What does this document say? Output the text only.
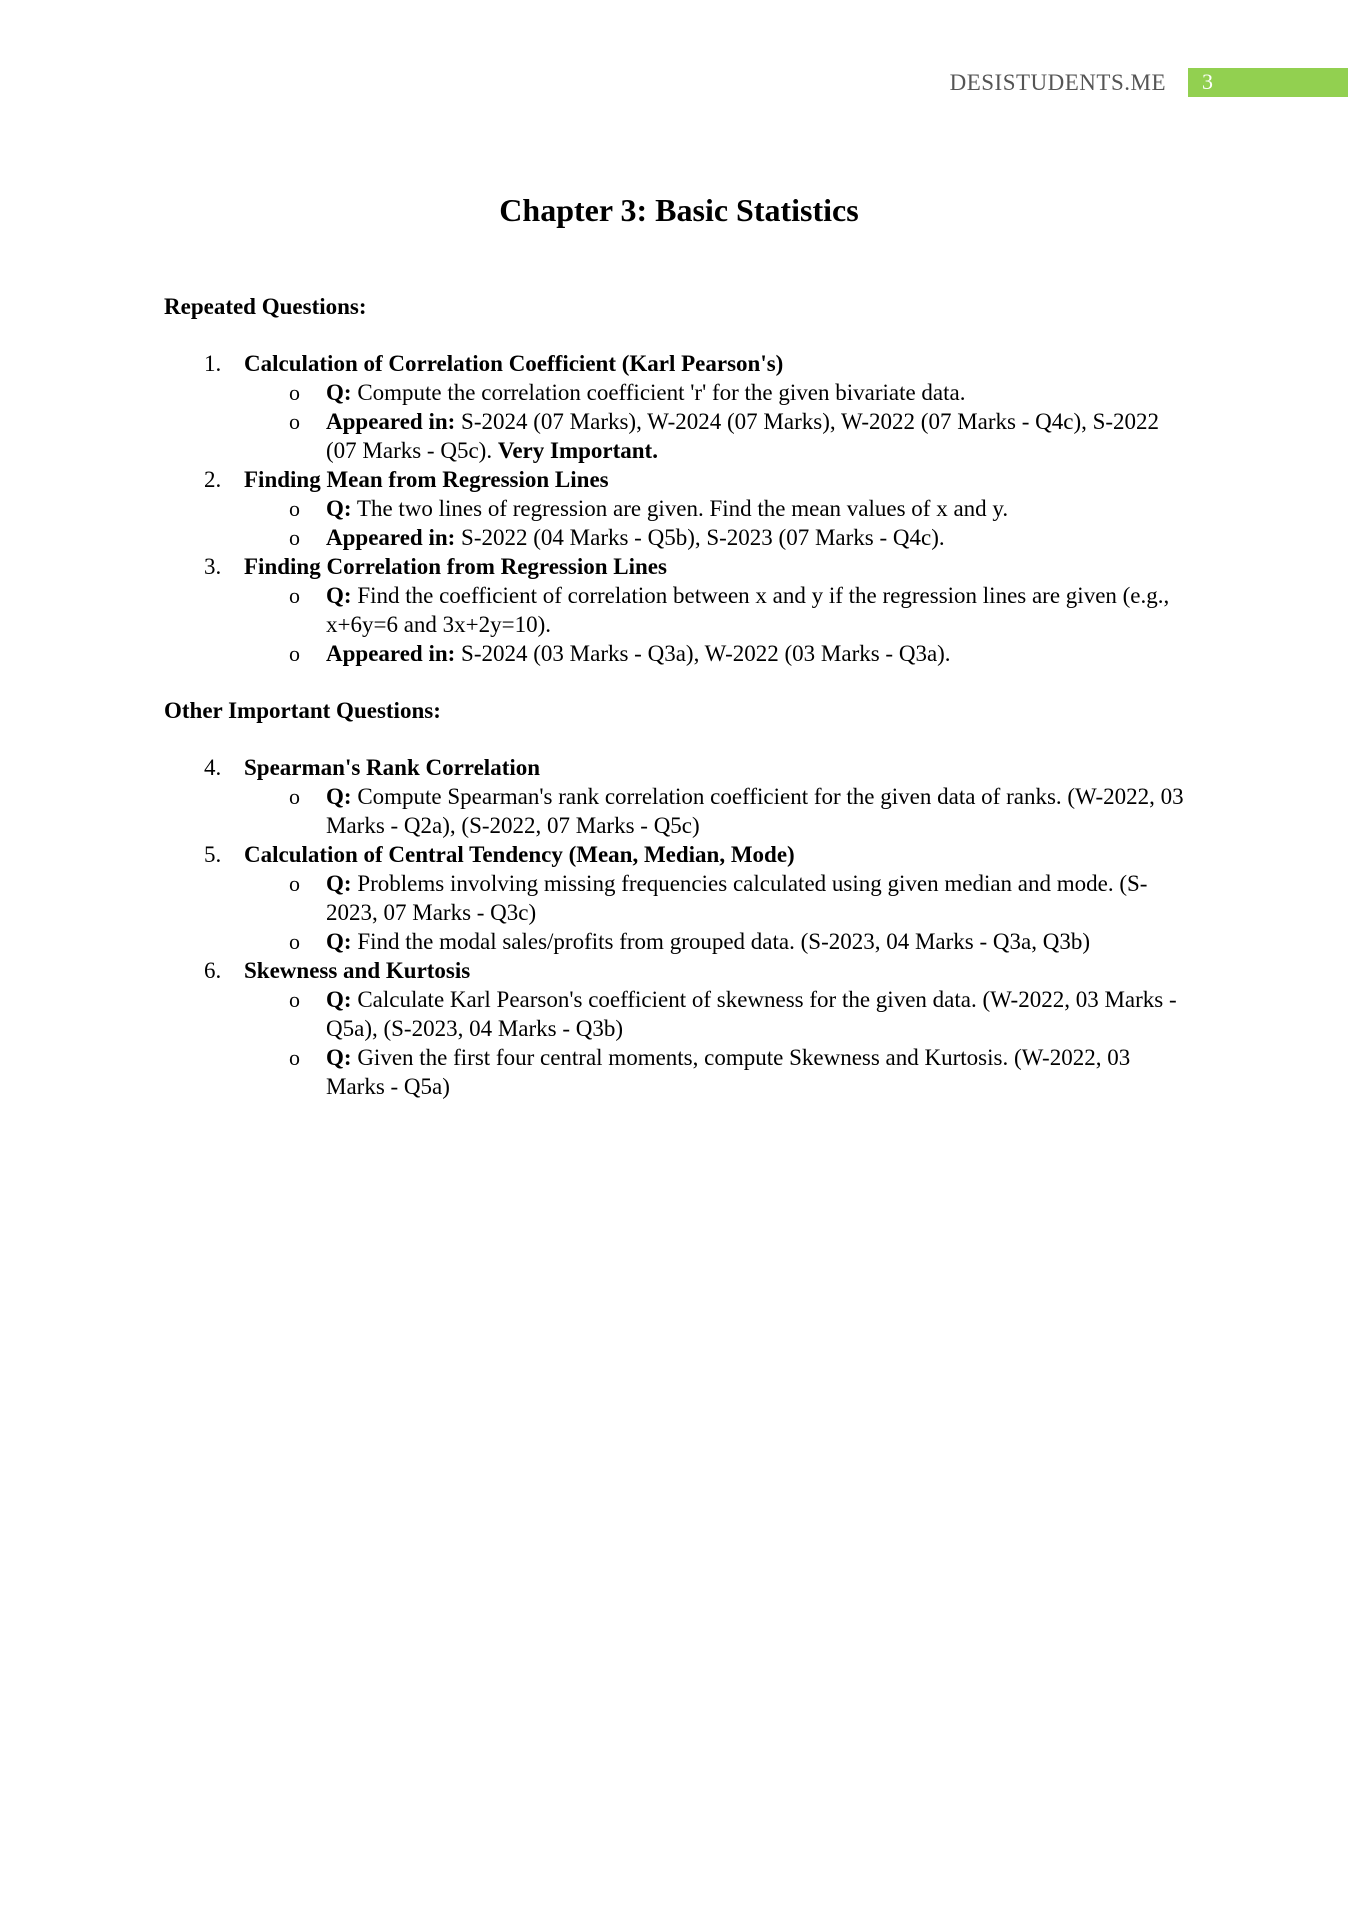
DESISTUDENTS.ME 3
Chapter 3: Basic Statistics

Repeated Questions:

1. Calculation of Correlation Coefficient (Karl Pearson's)
o Q: Compute the correlation coefficient 'r' for the given bivariate data.
o Appeared in: S-2024 (07 Marks), W-2024 (07 Marks), W-2022 (07 Marks - Q4c), S-2022 (07 Marks - Q5c). Very Important.
2. Finding Mean from Regression Lines
o Q: The two lines of regression are given. Find the mean values of x and y.
o Appeared in: S-2022 (04 Marks - Q5b), S-2023 (07 Marks - Q4c).
3. Finding Correlation from Regression Lines
o Q: Find the coefficient of correlation between x and y if the regression lines are given (e.g., x+6y=6 and 3x+2y=10).
o Appeared in: S-2024 (03 Marks - Q3a), W-2022 (03 Marks - Q3a).

Other Important Questions:

4. Spearman's Rank Correlation
o Q: Compute Spearman's rank correlation coefficient for the given data of ranks. (W-2022, 03 Marks - Q2a), (S-2022, 07 Marks - Q5c)
5. Calculation of Central Tendency (Mean, Median, Mode)
o Q: Problems involving missing frequencies calculated using given median and mode. (S-2023, 07 Marks - Q3c)
o Q: Find the modal sales/profits from grouped data. (S-2023, 04 Marks - Q3a, Q3b)
6. Skewness and Kurtosis
o Q: Calculate Karl Pearson's coefficient of skewness for the given data. (W-2022, 03 Marks - Q5a), (S-2023, 04 Marks - Q3b)
o Q: Given the first four central moments, compute Skewness and Kurtosis. (W-2022, 03 Marks - Q5a)
